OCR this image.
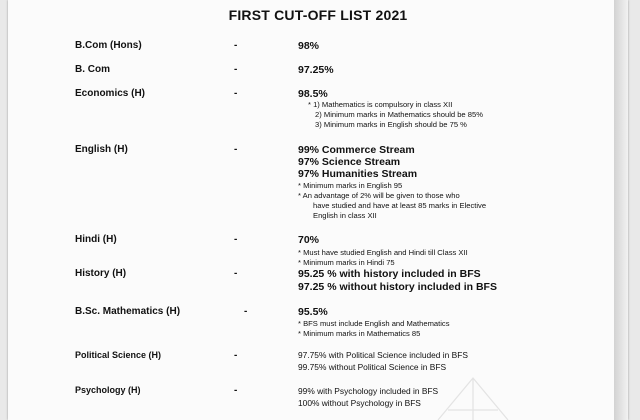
FIRST CUT-OFF LIST 2021
B.Com (Hons)	-	98%
B. Com	-	97.25%
Economics (H)	-	98.5%
* 1) Mathematics is compulsory in class XII
2) Minimum marks in Mathematics should be 85%
3) Minimum marks in English should be 75 %
English (H)	-	99% Commerce Stream
97% Science Stream
97% Humanities Stream
* Minimum marks in English 95
* An advantage of 2% will be given to those who
have studied and have at least 85 marks in Elective
English in class XII
Hindi (H)	-	70%
* Must have studied English and Hindi till Class XII
* Minimum marks in Hindi 75
History (H)	-	95.25 % with history included in BFS
97.25 % without history included in BFS
B.Sc. Mathematics (H)	-	95.5%
* BFS must include English and Mathematics
* Minimum marks in Mathematics 85
Political Science (H)	-	97.75% with Political Science included in BFS
99.75% without Political Science in BFS
Psychology (H)	-	99% with Psychology included in BFS
100% without Psychology in BFS
